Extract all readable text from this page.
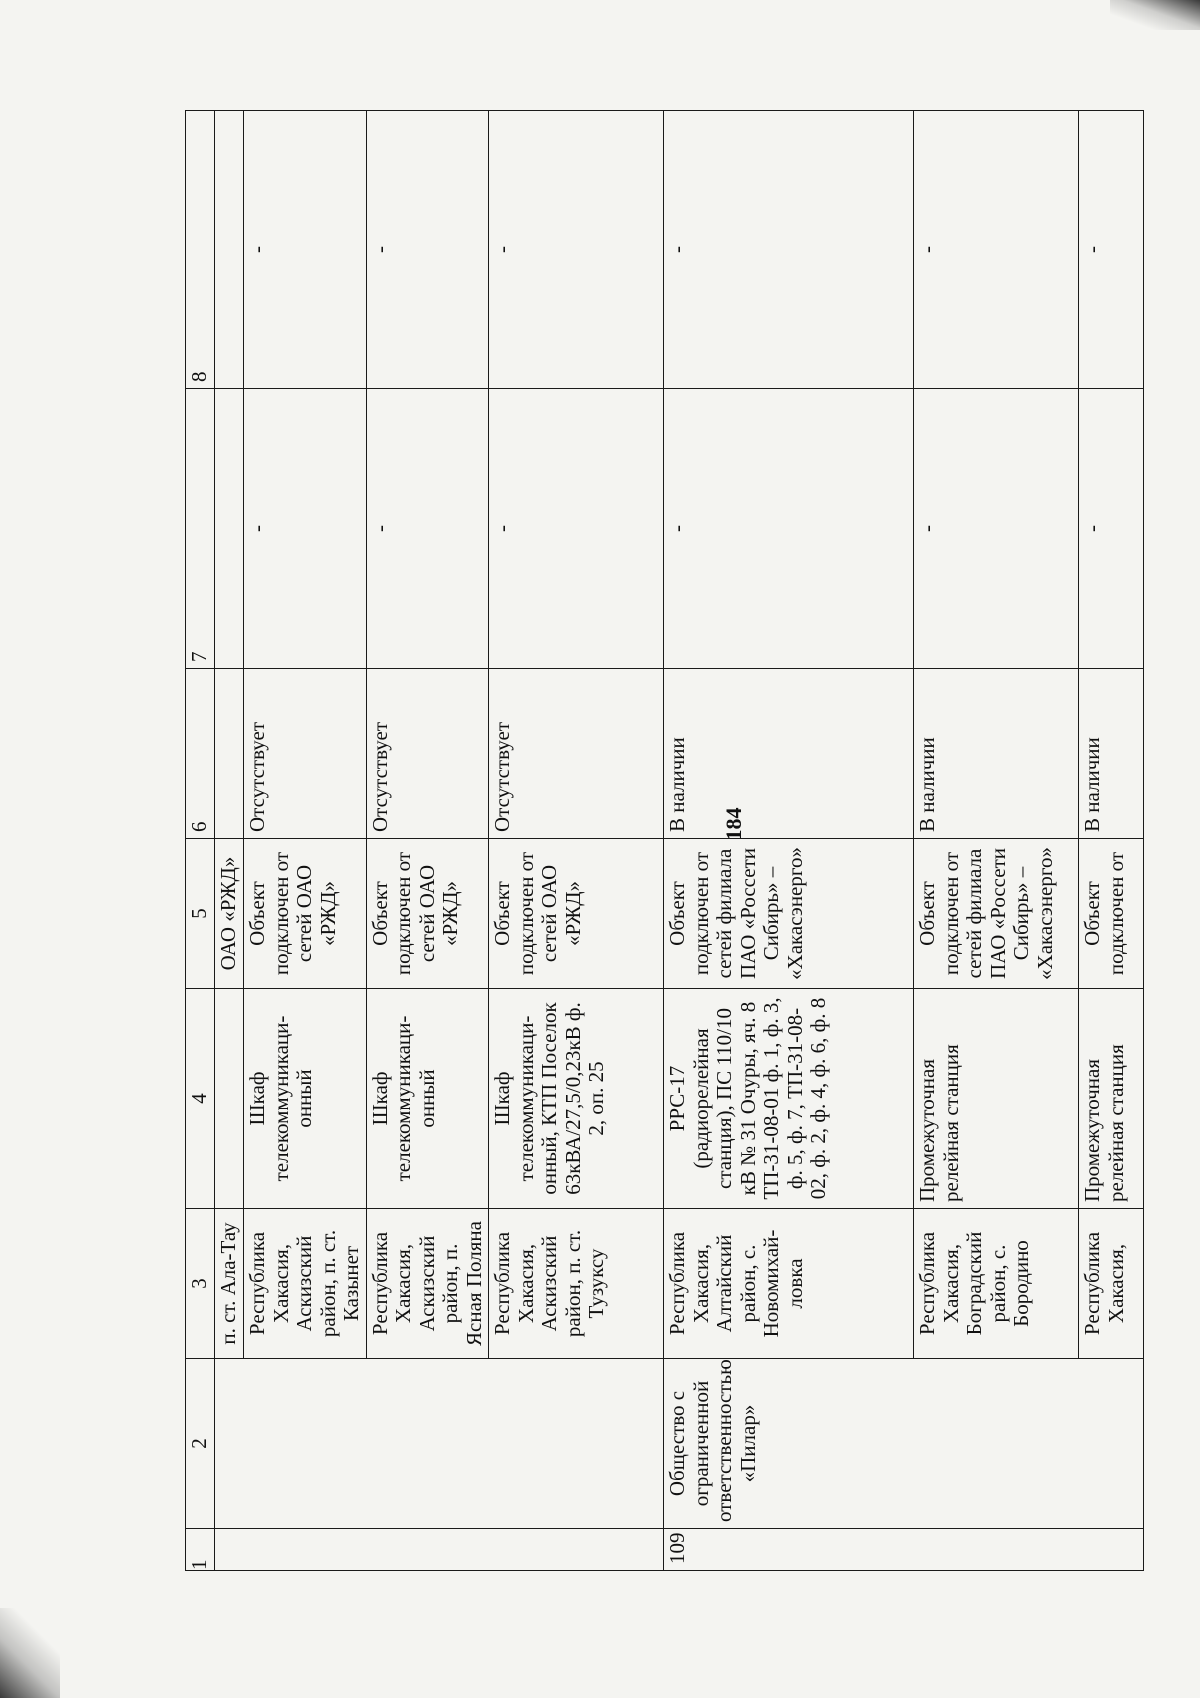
184
1	2	3	4	5	6	7	8
		п. ст. Ала-Тау		ОАО «РЖД»			
		Республика Хакасия, Аскизский район, п. ст. Казынет	Шкаф телекоммуникаци-онный	Объект подключен от сетей ОАО «РЖД»	Отсутствует	-	-
		Республика Хакасия, Аскизский район, п. Ясная Поляна	Шкаф телекоммуникаци-онный	Объект подключен от сетей ОАО «РЖД»	Отсутствует	-	-
		Республика Хакасия, Аскизский район, п. ст. Тузуксу	Шкаф телекоммуникаци-онный, КТП Поселок 63кВА/27,5/0,23кВ ф. 2, оп. 25	Объект подключен от сетей ОАО «РЖД»	Отсутствует	-	-
109	Общество с ограниченной ответственностью «Пилар»	Республика Хакасия, Алтайский район, с. Новомихай-ловка	РРС-17 (радиорелейная станция), ПС 110/10 кВ № 31 Очуры, яч. 8 ТП-31-08-01 ф. 1, ф. 3, ф. 5, ф. 7, ТП-31-08-02, ф. 2, ф. 4, ф. 6, ф. 8	Объект подключен от сетей филиала ПАО «Россети Сибирь» – «Хакасэнерго»	В наличии	-	-
		Республика Хакасия, Боградский район, с. Бородино	Промежуточная релейная станция	Объект подключен от сетей филиала ПАО «Россети Сибирь» – «Хакасэнерго»	В наличии	-	-
		Республика Хакасия,	Промежуточная релейная станция	Объект подключен от	В наличии	-	-
